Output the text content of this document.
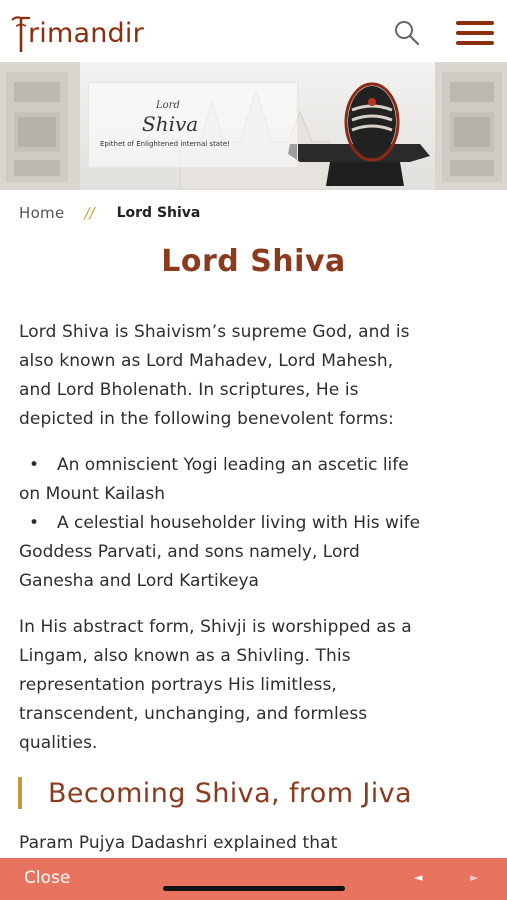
rimandir
Lord
Shiva
Epithet of Enlightened internal state!
Home // Lord Shiva
Lord Shiva
Lord Shiva is Shaivism’s supreme God, and is
also known as Lord Mahadev, Lord Mahesh,
and Lord Bholenath. In scriptures, He is
depicted in the following benevolent forms:
• An omniscient Yogi leading an ascetic life
on Mount Kailash
• A celestial householder living with His wife
Goddess Parvati, and sons namely, Lord
Ganesha and Lord Kartikeya
In His abstract form, Shivji is worshipped as a
Lingam, also known as a Shivling. This
representation portrays His limitless,
transcendent, unchanging, and formless
qualities.
Becoming Shiva, from Jiva
Param Pujya Dadashri explained that
Close	◄	►
